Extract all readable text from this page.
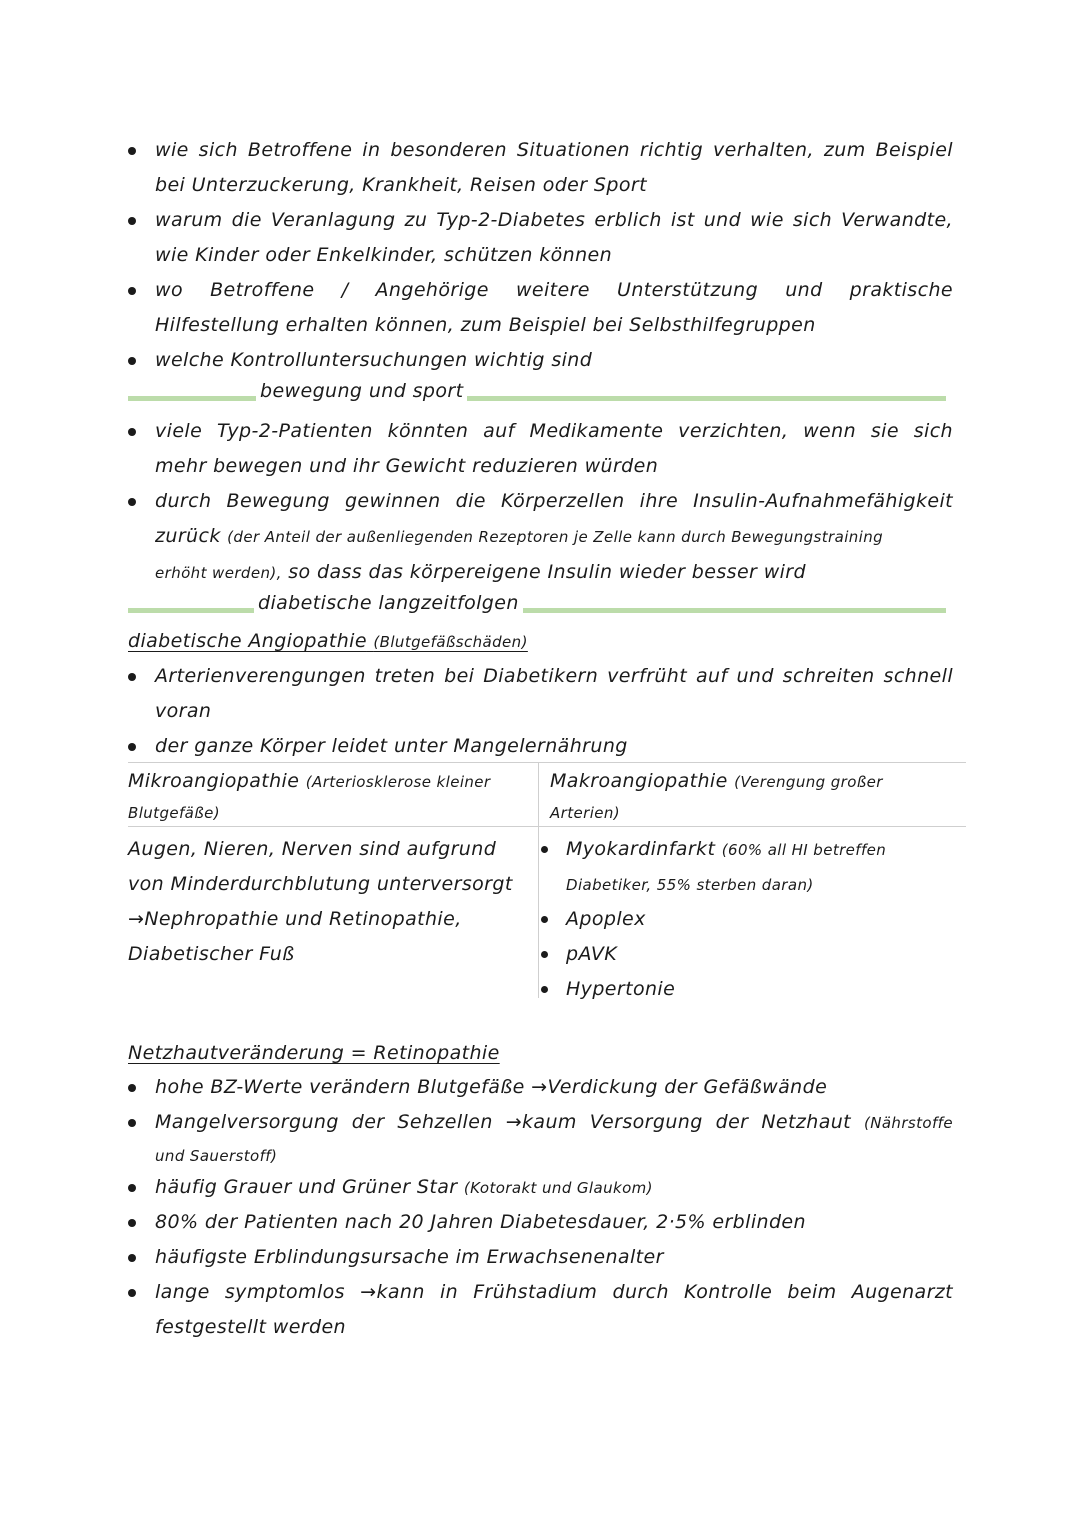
wie sich Betroffene in besonderen Situationen richtig verhalten, zum Beispiel
bei Unterzuckerung, Krankheit, Reisen oder Sport
warum die Veranlagung zu Typ-2-Diabetes erblich ist und wie sich Verwandte,
wie Kinder oder Enkelkinder, schützen können
wo Betroffene / Angehörige weitere Unterstützung und praktische
Hilfestellung erhalten können, zum Beispiel bei Selbsthilfegruppen
welche Kontrolluntersuchungen wichtig sind
bewegung und sport
viele Typ-2-Patienten könnten auf Medikamente verzichten, wenn sie sich
mehr bewegen und ihr Gewicht reduzieren würden
durch Bewegung gewinnen die Körperzellen ihre Insulin-Aufnahmefähigkeit
zurück (der Anteil der außenliegenden Rezeptoren je Zelle kann durch Bewegungstraining
erhöht werden), so dass das körpereigene Insulin wieder besser wird
diabetische langzeitfolgen
diabetische Angiopathie (Blutgefäßschäden)
Arterienverengungen treten bei Diabetikern verfrüht auf und schreiten schnell
voran
der ganze Körper leidet unter Mangelernährung
Mikroangiopathie (Arteriosklerose kleiner
Blutgefäße)
Makroangiopathie (Verengung großer
Arterien)
Augen, Nieren, Nerven sind aufgrund
von Minderdurchblutung unterversorgt
→Nephropathie und Retinopathie,
Diabetischer Fuß
Myokardinfarkt (60% all HI betreffen
Diabetiker, 55% sterben daran)
Apoplex
pAVK
Hypertonie
Netzhautveränderung = Retinopathie
hohe BZ-Werte verändern Blutgefäße →Verdickung der Gefäßwände
Mangelversorgung der Sehzellen →kaum Versorgung der Netzhaut (Nährstoffe
und Sauerstoff)
häufig Grauer und Grüner Star (Kotorakt und Glaukom)
80% der Patienten nach 20 Jahren Diabetesdauer, 2·5% erblinden
häufigste Erblindungsursache im Erwachsenenalter
lange symptomlos →kann in Frühstadium durch Kontrolle beim Augenarzt
festgestellt werden
